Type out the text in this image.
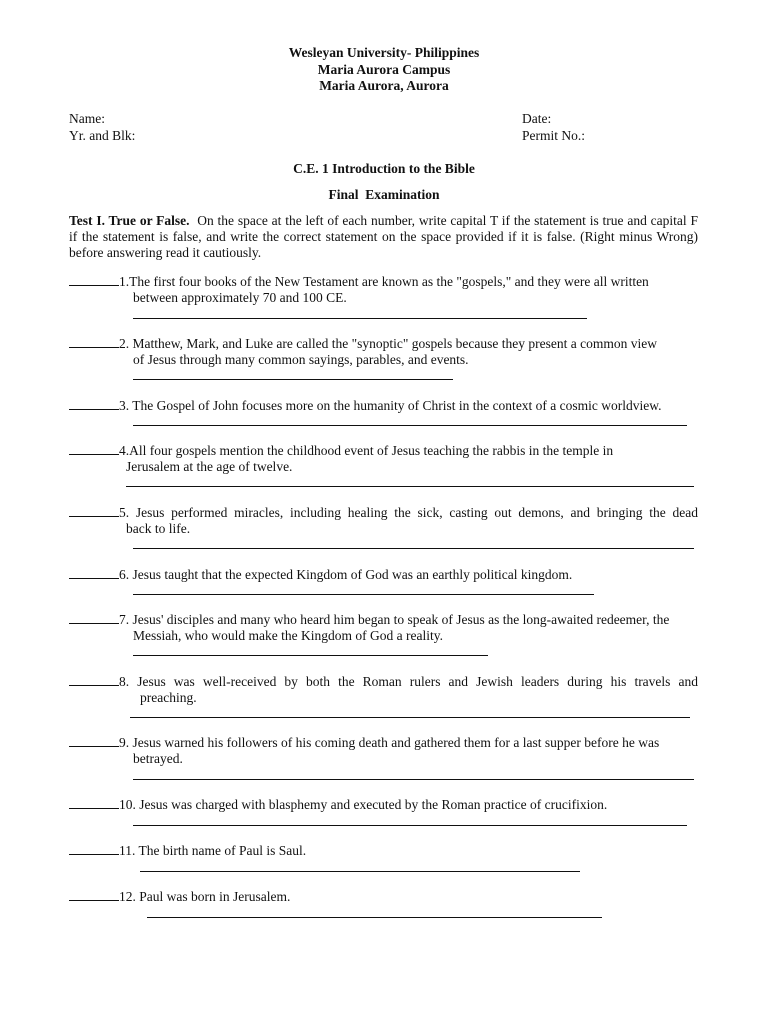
Wesleyan University- Philippines
Maria Aurora Campus
Maria Aurora, Aurora
Name:	Date:
Yr. and Blk:	Permit No.:
C.E. 1 Introduction to the Bible
Final  Examination
Test I. True or False. On the space at the left of each number, write capital T if the statement is true and capital F if the statement is false, and write the correct statement on the space provided if it is false. (Right minus Wrong) before answering read it cautiously.
1.The first four books of the New Testament are known as the "gospels," and they were all written
between approximately 70 and 100 CE.
2. Matthew, Mark, and Luke are called the "synoptic" gospels because they present a common view
of Jesus through many common sayings, parables, and events.
3. The Gospel of John focuses more on the humanity of Christ in the context of a cosmic worldview.
4.All four gospels mention the childhood event of Jesus teaching the rabbis in the temple in
Jerusalem at the age of twelve.
5. Jesus performed miracles, including healing the sick, casting out demons, and bringing the dead
back to life.
6. Jesus taught that the expected Kingdom of God was an earthly political kingdom.
7. Jesus' disciples and many who heard him began to speak of Jesus as the long-awaited redeemer, the
Messiah, who would make the Kingdom of God a reality.
8. Jesus was well-received by both the Roman rulers and Jewish leaders during his travels and
preaching.
9. Jesus warned his followers of his coming death and gathered them for a last supper before he was
betrayed.
10. Jesus was charged with blasphemy and executed by the Roman practice of crucifixion.
11. The birth name of Paul is Saul.
12. Paul was born in Jerusalem.
